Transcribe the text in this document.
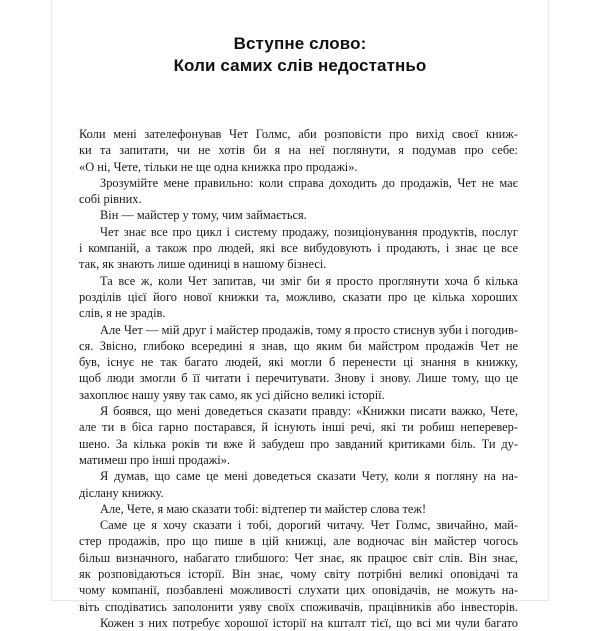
Вступне слово:
Коли самих слів недостатньо
Коли мені зателефонував Чет Голмс, аби розповісти про вихід своєї книж-
ки та запитати, чи не хотів би я на неї поглянути, я подумав про себе:
«О ні, Чете, тільки не ще одна книжка про продажі».
Зрозумійте мене правильно: коли справа доходить до продажів, Чет не має
собі рівних.
Він — майстер у тому, чим займається.
Чет знає все про цикл і систему продажу, позиціонування продуктів, послуг
і компаній, а також про людей, які все вибудовують і продають, і знає це все
так, як знають лише одиниці в нашому бізнесі.
Та все ж, коли Чет запитав, чи зміг би я просто проглянути хоча б кілька
розділів цієї його нової книжки та, можливо, сказати про це кілька хороших
слів, я не зрадів.
Але Чет — мій друг і майстер продажів, тому я просто стиснув зуби і погодив-
ся. Звісно, глибоко всередині я знав, що яким би майстром продажів Чет не
був, існує не так багато людей, які могли б перенести ці знання в книжку,
щоб люди змогли б її читати і перечитувати. Знову і знову. Лише тому, що це
захоплює нашу уяву так само, як усі дійсно великі історії.
Я боявся, що мені доведеться сказати правду: «Книжки писати важко, Чете,
але ти в біса гарно постарався, й існують інші речі, які ти робиш неперевер-
шено. За кілька років ти вже й забудеш про завданий критиками біль. Ти ду-
матимеш про інші продажі».
Я думав, що саме це мені доведеться сказати Чету, коли я погляну на на-
діслану книжку.
Але, Чете, я маю сказати тобі: відтепер ти майстер слова теж!
Саме це я хочу сказати і тобі, дорогий читачу. Чет Голмс, звичайно, май-
стер продажів, про що пише в цій книжці, але водночас він майстер чогось
більш визначного, набагато глибшого: Чет знає, як працює світ слів. Він знає,
як розповідаються історії. Він знає, чому світу потрібні великі оповідачі та
чому компанії, позбавлені можливості слухати цих оповідачів, не можуть на-
віть сподіватись заполонити уяву своїх споживачів, працівників або інвесторів.
Кожен з них потребує хорошої історії на кшталт тієї, що всі ми чули багато
